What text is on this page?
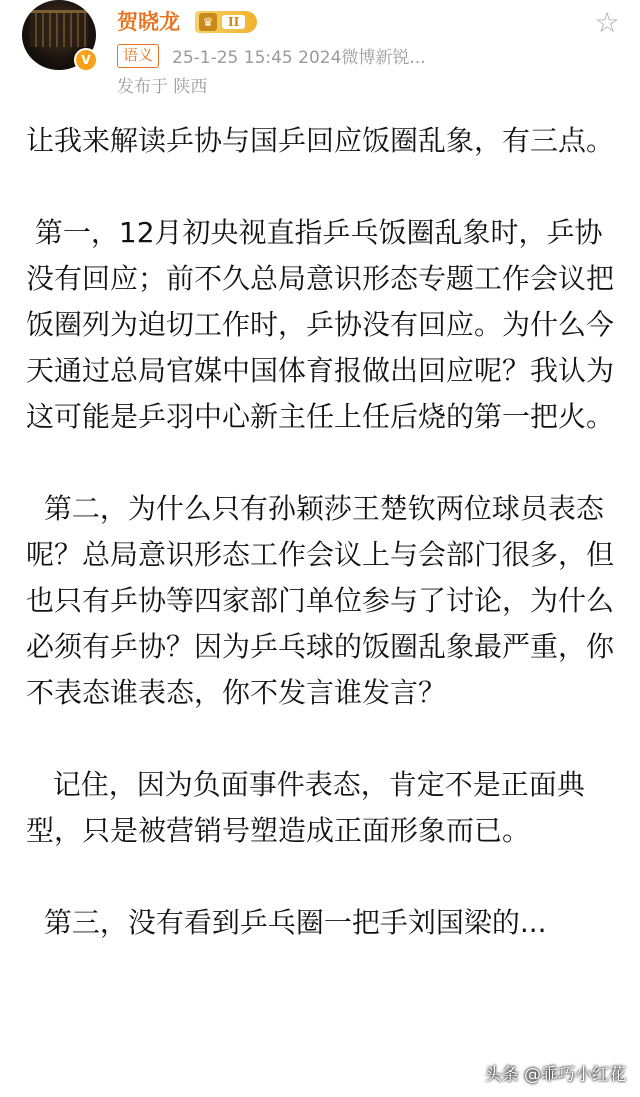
V
贺晓龙	♛	II	☆
语义	25-1-25 15:45 2024微博新锐...
发布于 陕西

让我来解读乒协与国乒回应饭圈乱象，有三点。

第一，12月初央视直指乒乓饭圈乱象时，乒协没有回应；前不久总局意识形态专题工作会议把饭圈列为迫切工作时，乒协没有回应。为什么今天通过总局官媒中国体育报做出回应呢？我认为这可能是乒羽中心新主任上任后烧的第一把火。

第二，为什么只有孙颖莎王楚钦两位球员表态呢？总局意识形态工作会议上与会部门很多，但也只有乒协等四家部门单位参与了讨论，为什么必须有乒协？因为乒乓球的饭圈乱象最严重，你不表态谁表态，你不发言谁发言？

记住，因为负面事件表态，肯定不是正面典型，只是被营销号塑造成正面形象而已。

第三，没有看到乒乓圈一把手刘国梁的...

头条 @乖巧小红花
